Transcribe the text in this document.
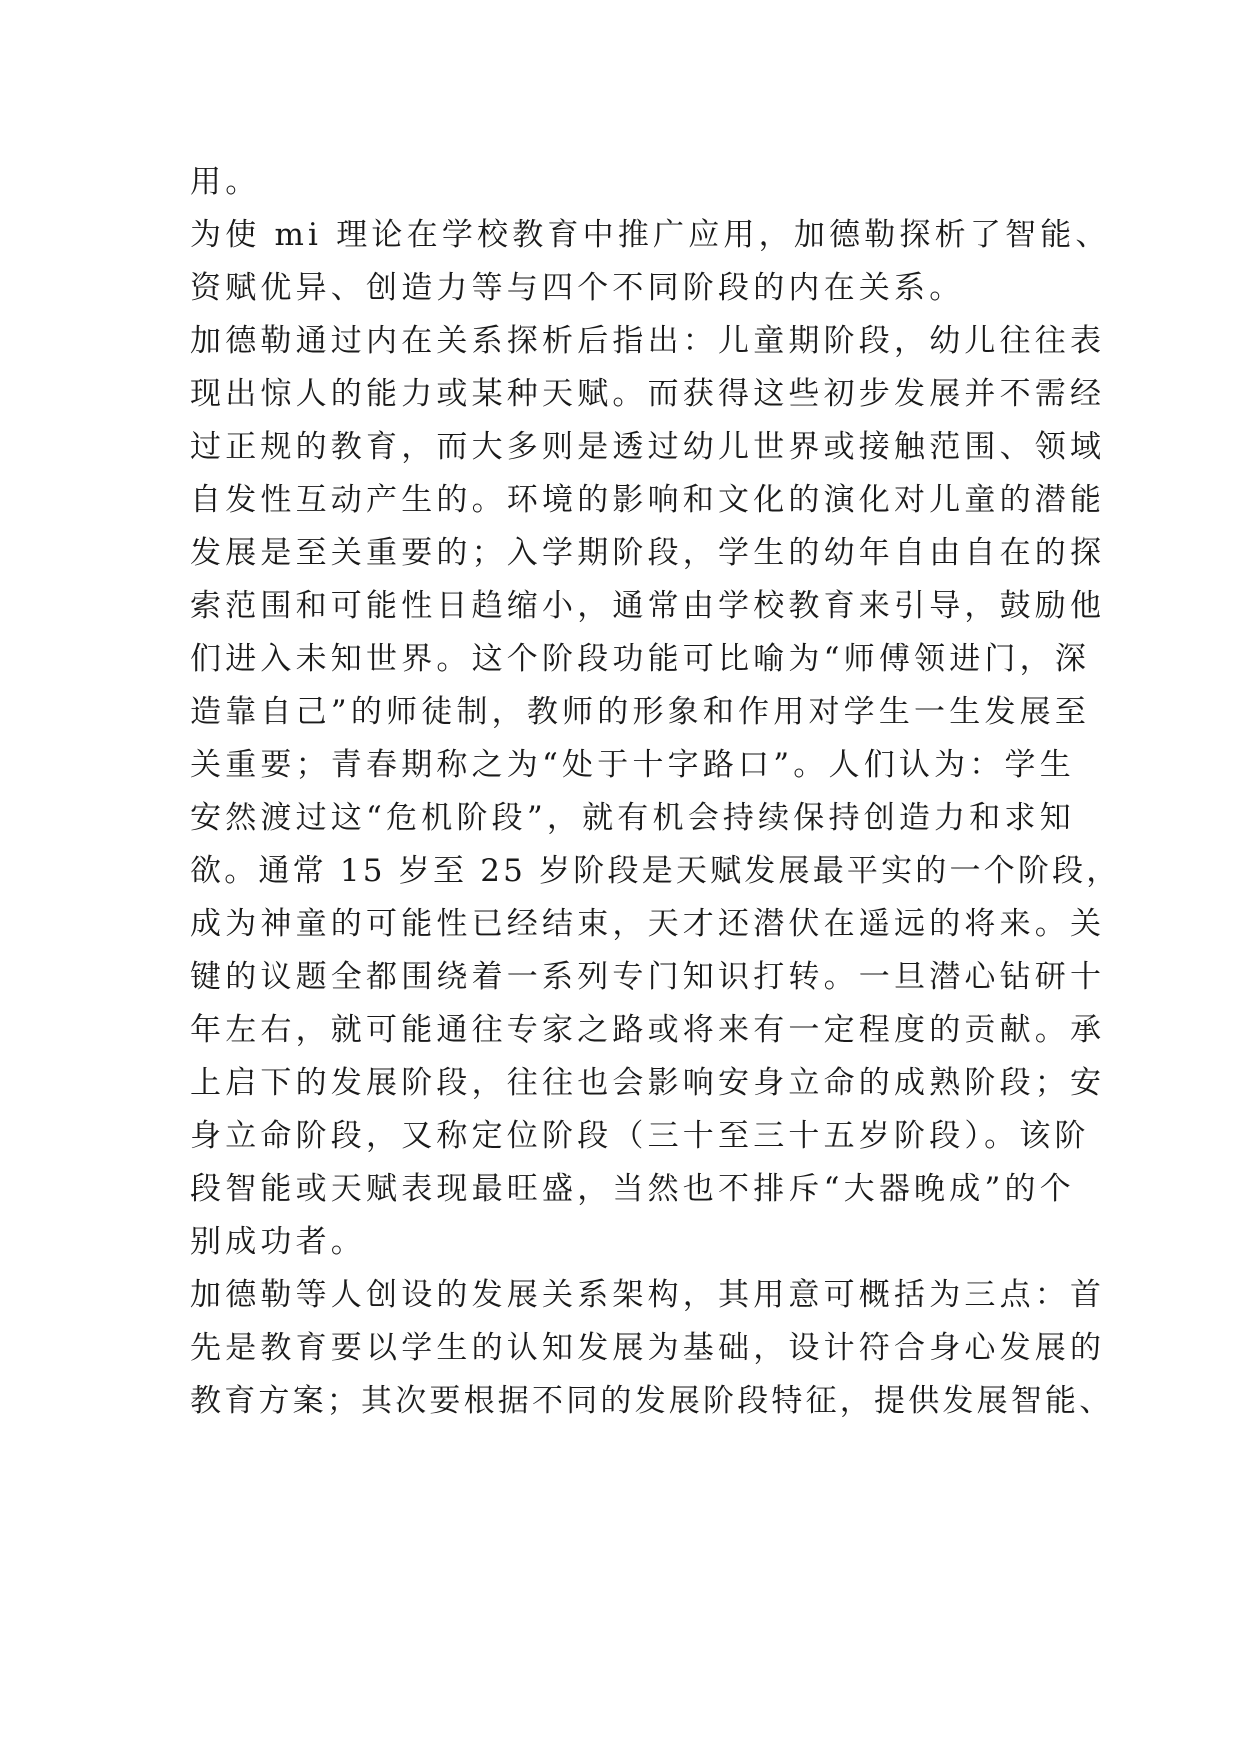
用。
为使 mi 理论在学校教育中推广应用，加德勒探析了智能、
资赋优异、创造力等与四个不同阶段的内在关系。
加德勒通过内在关系探析后指出：儿童期阶段，幼儿往往表
现出惊人的能力或某种天赋。而获得这些初步发展并不需经
过正规的教育，而大多则是透过幼儿世界或接触范围、领域
自发性互动产生的。环境的影响和文化的演化对儿童的潜能
发展是至关重要的；入学期阶段，学生的幼年自由自在的探
索范围和可能性日趋缩小，通常由学校教育来引导，鼓励他
们进入未知世界。这个阶段功能可比喻为“师傅领进门，深
造靠自己”的师徒制，教师的形象和作用对学生一生发展至
关重要；青春期称之为“处于十字路口”。人们认为：学生
安然渡过这“危机阶段”，就有机会持续保持创造力和求知
欲。通常 15 岁至 25 岁阶段是天赋发展最平实的一个阶段，
成为神童的可能性已经结束，天才还潜伏在遥远的将来。关
键的议题全都围绕着一系列专门知识打转。一旦潜心钻研十
年左右，就可能通往专家之路或将来有一定程度的贡献。承
上启下的发展阶段，往往也会影响安身立命的成熟阶段；安
身立命阶段，又称定位阶段（三十至三十五岁阶段）。该阶
段智能或天赋表现最旺盛，当然也不排斥“大器晚成”的个
别成功者。
加德勒等人创设的发展关系架构，其用意可概括为三点：首
先是教育要以学生的认知发展为基础，设计符合身心发展的
教育方案；其次要根据不同的发展阶段特征，提供发展智能、
